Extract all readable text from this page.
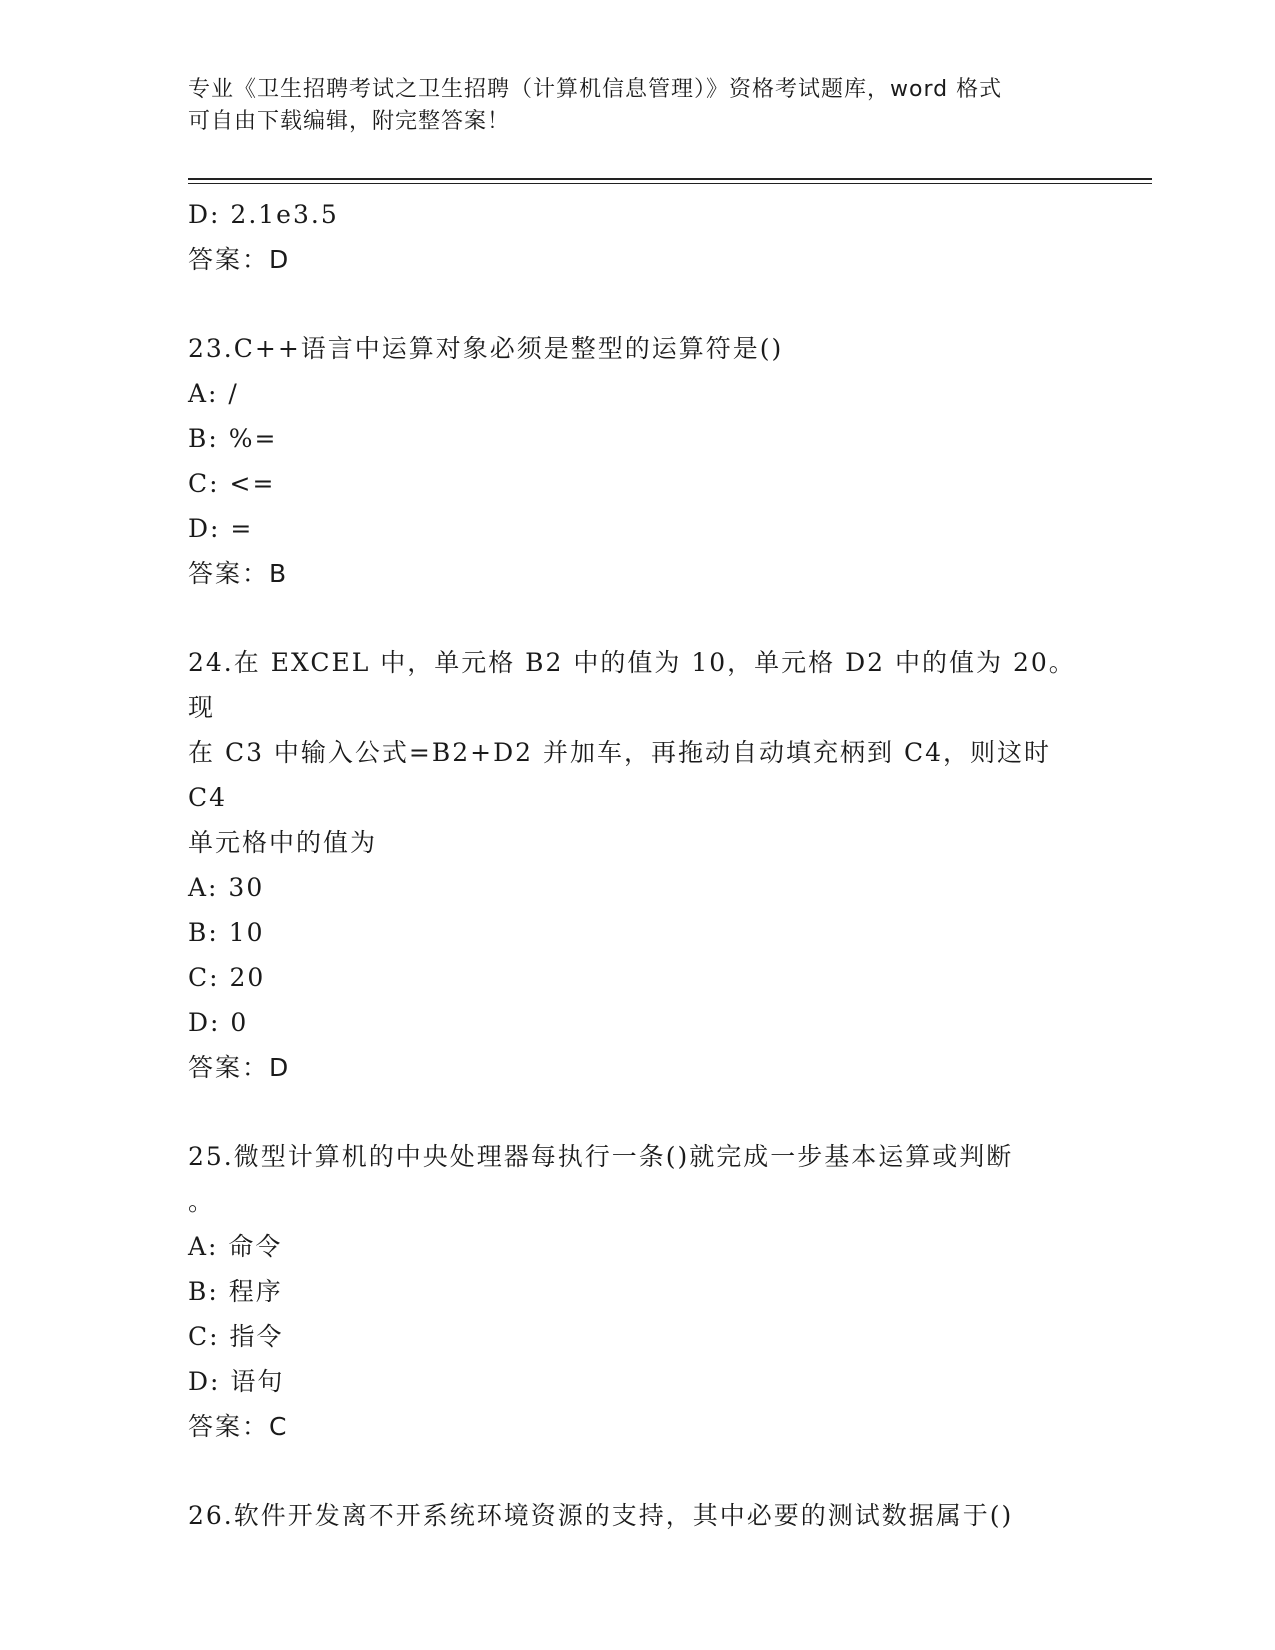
专业《卫生招聘考试之卫生招聘（计算机信息管理）》资格考试题库，word 格式
可自由下载编辑，附完整答案！
D: 2.1e3.5
答案：D
23.C++语言中运算对象必须是整型的运算符是()
A: /
B: %=
C: <=
D: =
答案：B
24.在 EXCEL 中，单元格 B2 中的值为 10，单元格 D2 中的值为 20。现
在 C3 中输入公式=B2+D2 并加车，再拖动自动填充柄到 C4，则这时 C4
单元格中的值为
A: 30
B: 10
C: 20
D: 0
答案：D
25.微型计算机的中央处理器每执行一条()就完成一步基本运算或判断
。
A: 命令
B: 程序
C: 指令
D: 语句
答案：C
26.软件开发离不开系统环境资源的支持，其中必要的测试数据属于()
